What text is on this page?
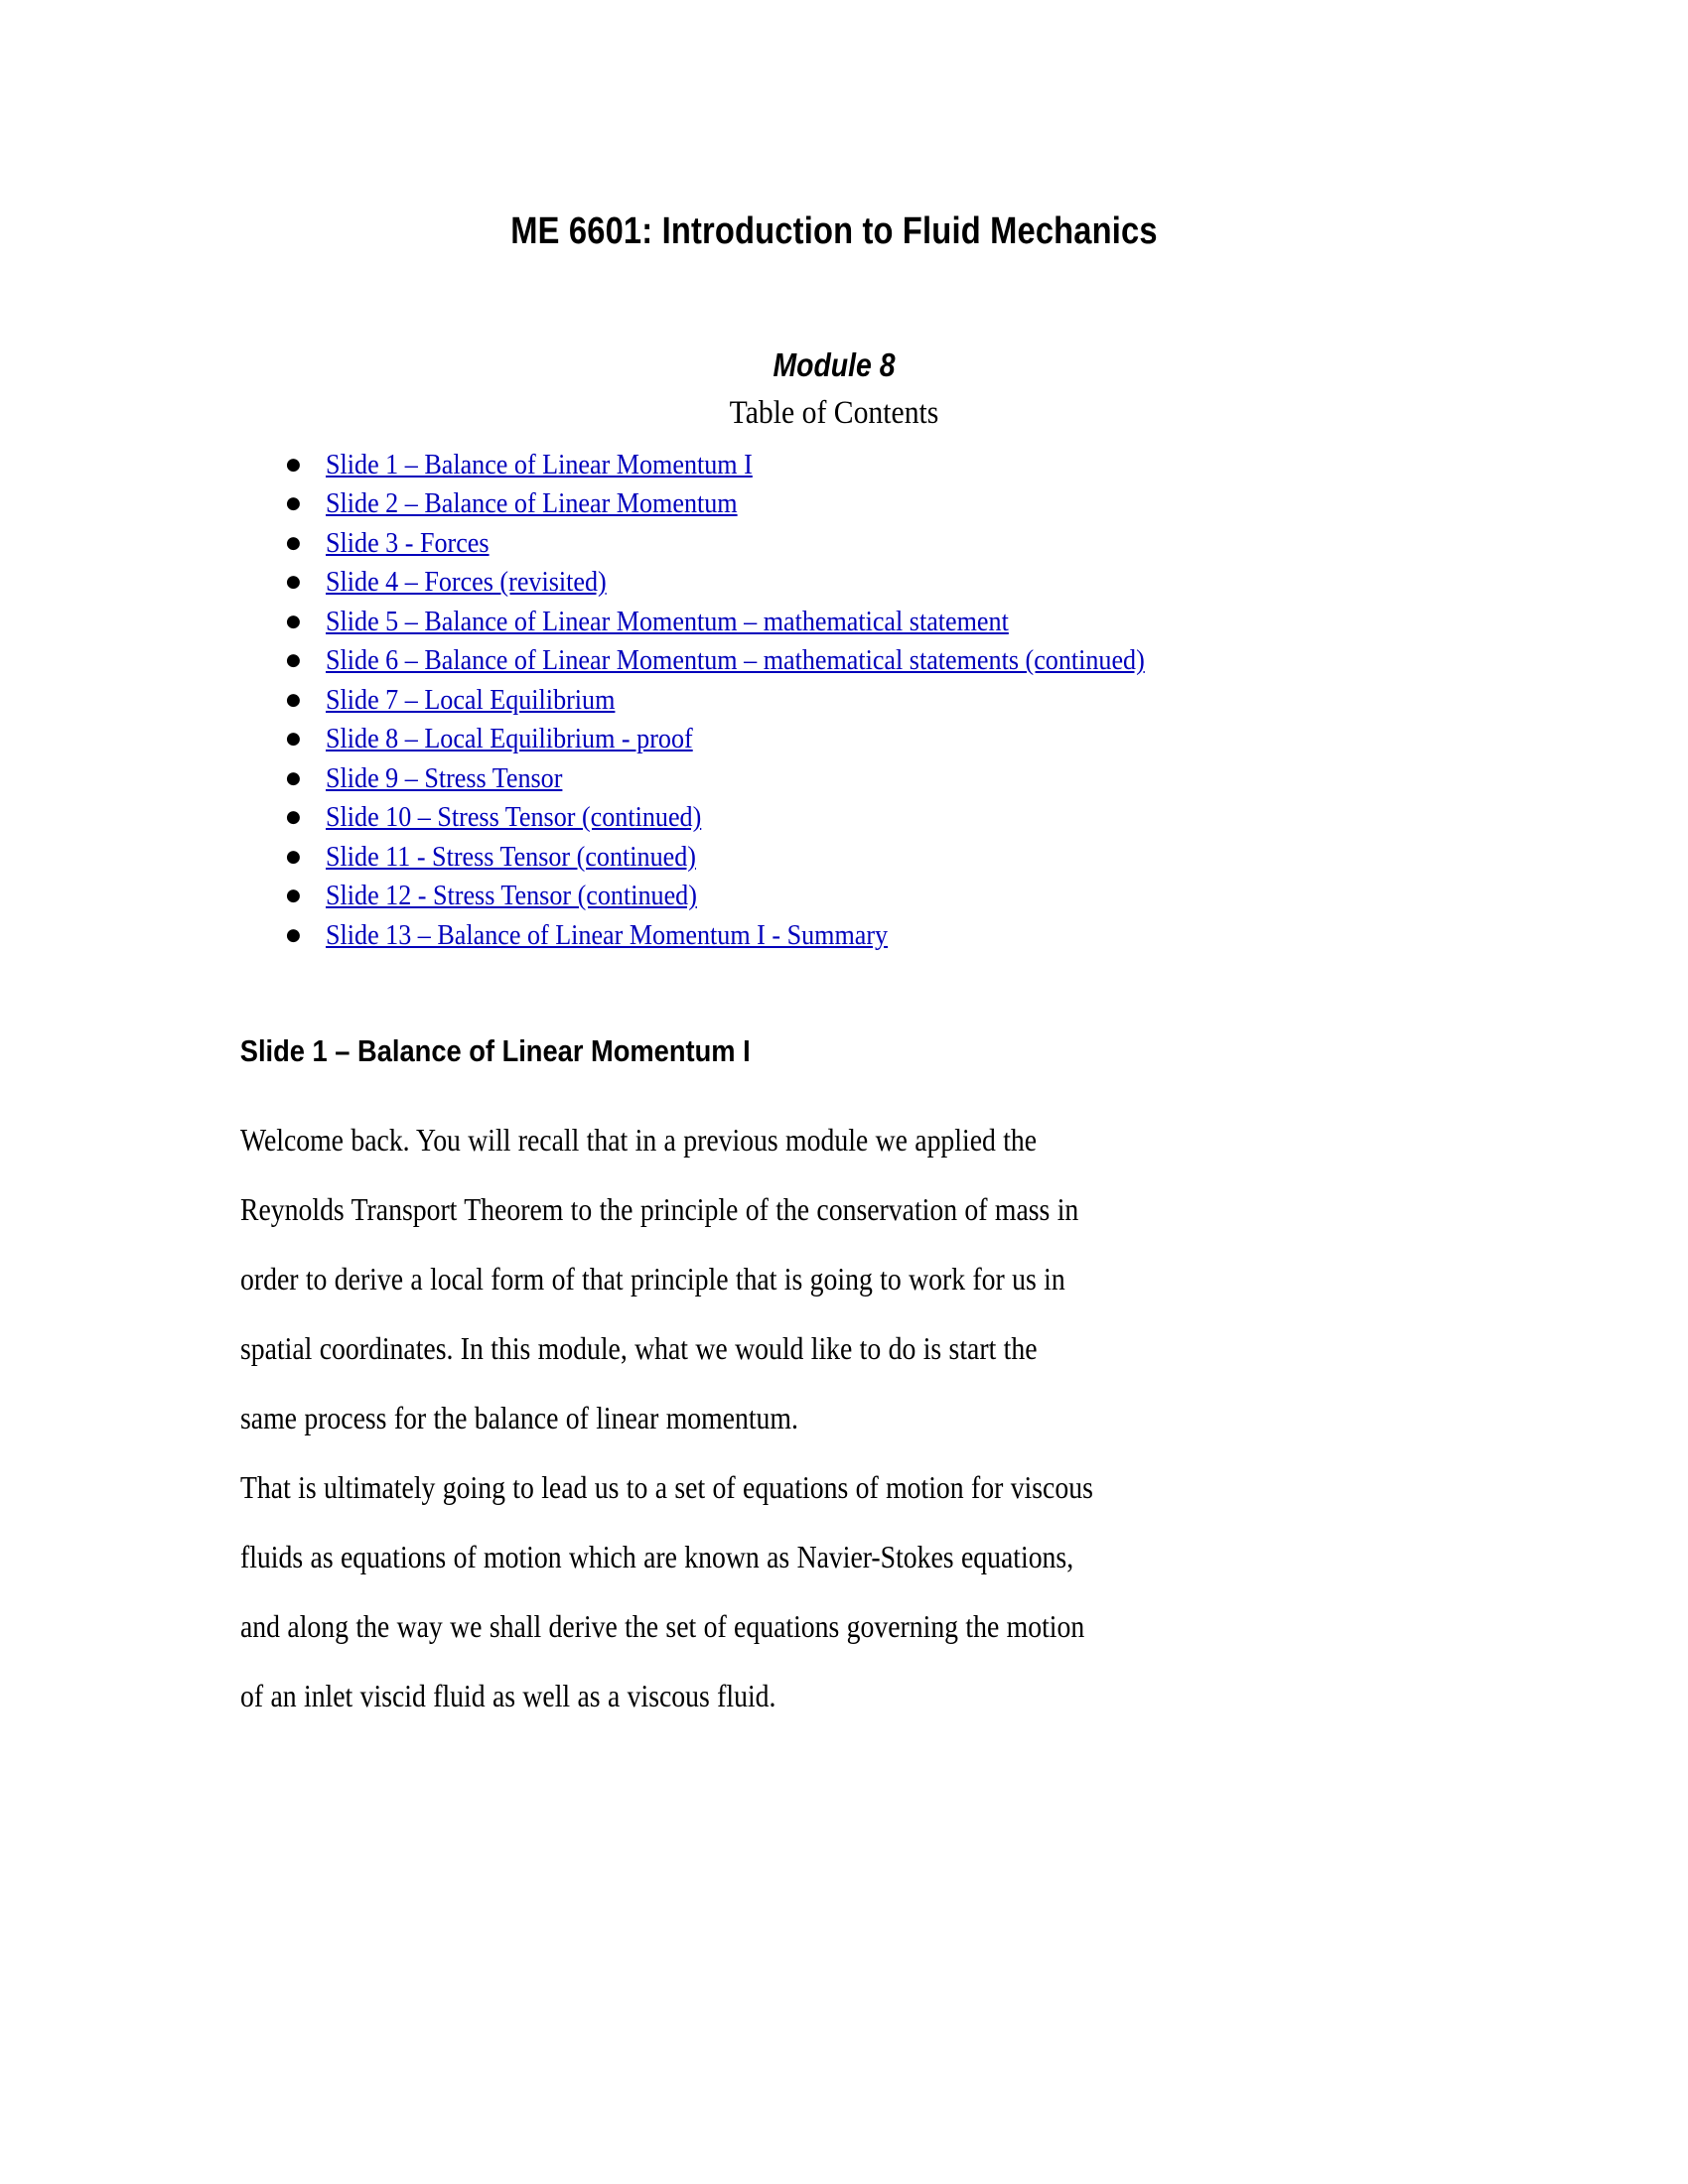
ME 6601: Introduction to Fluid Mechanics
Module 8
Table of Contents
● Slide 1 – Balance of Linear Momentum I
● Slide 2 – Balance of Linear Momentum
● Slide 3 - Forces
● Slide 4 – Forces (revisited)
● Slide 5 – Balance of Linear Momentum – mathematical statement
● Slide 6 – Balance of Linear Momentum – mathematical statements (continued)
● Slide 7 – Local Equilibrium
● Slide 8 – Local Equilibrium - proof
● Slide 9 – Stress Tensor
● Slide 10 – Stress Tensor (continued)
● Slide 11 - Stress Tensor (continued)
● Slide 12 - Stress Tensor (continued)
● Slide 13 – Balance of Linear Momentum I - Summary
Slide 1 – Balance of Linear Momentum I

Welcome back. You will recall that in a previous module we applied the
Reynolds Transport Theorem to the principle of the conservation of mass in
order to derive a local form of that principle that is going to work for us in
spatial coordinates. In this module, what we would like to do is start the
same process for the balance of linear momentum.

That is ultimately going to lead us to a set of equations of motion for viscous
fluids as equations of motion which are known as Navier-Stokes equations,
and along the way we shall derive the set of equations governing the motion
of an inlet viscid fluid as well as a viscous fluid.
